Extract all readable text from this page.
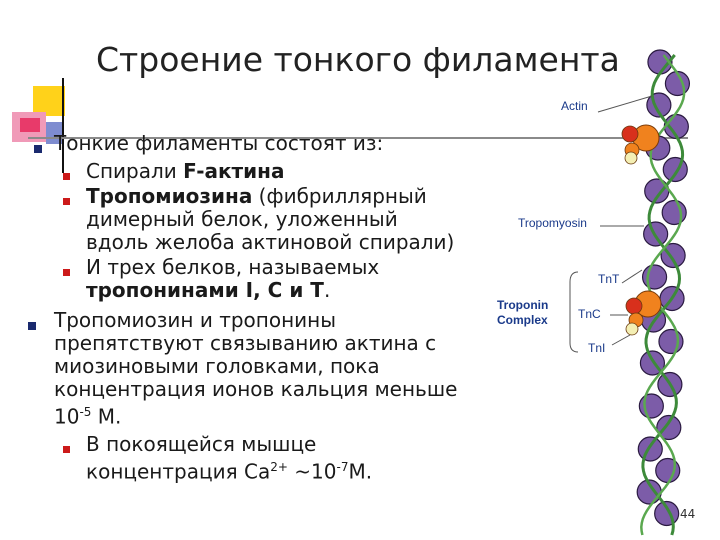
Строение тонкого филамента
Тонкие филаменты состоят из:
Спирали F-актина
Тропомиозина (фибриллярный
димерный белок, уложенный
вдоль желоба актиновой спирали)
И трех белков, называемых
тропонинами I, C и T.
Тропомиозин и тропонины
препятствуют связыванию актина с
миозиновыми головками, пока
концентрация ионов кальция меньше
$10^{-5}$ М.
В покоящейся мышце
концентрация $Ca^{2+}$ $\sim 10^{-7}М$.
Actin
Tropomyosin
Troponin
Complex
TnT
TnC
TnI
44
